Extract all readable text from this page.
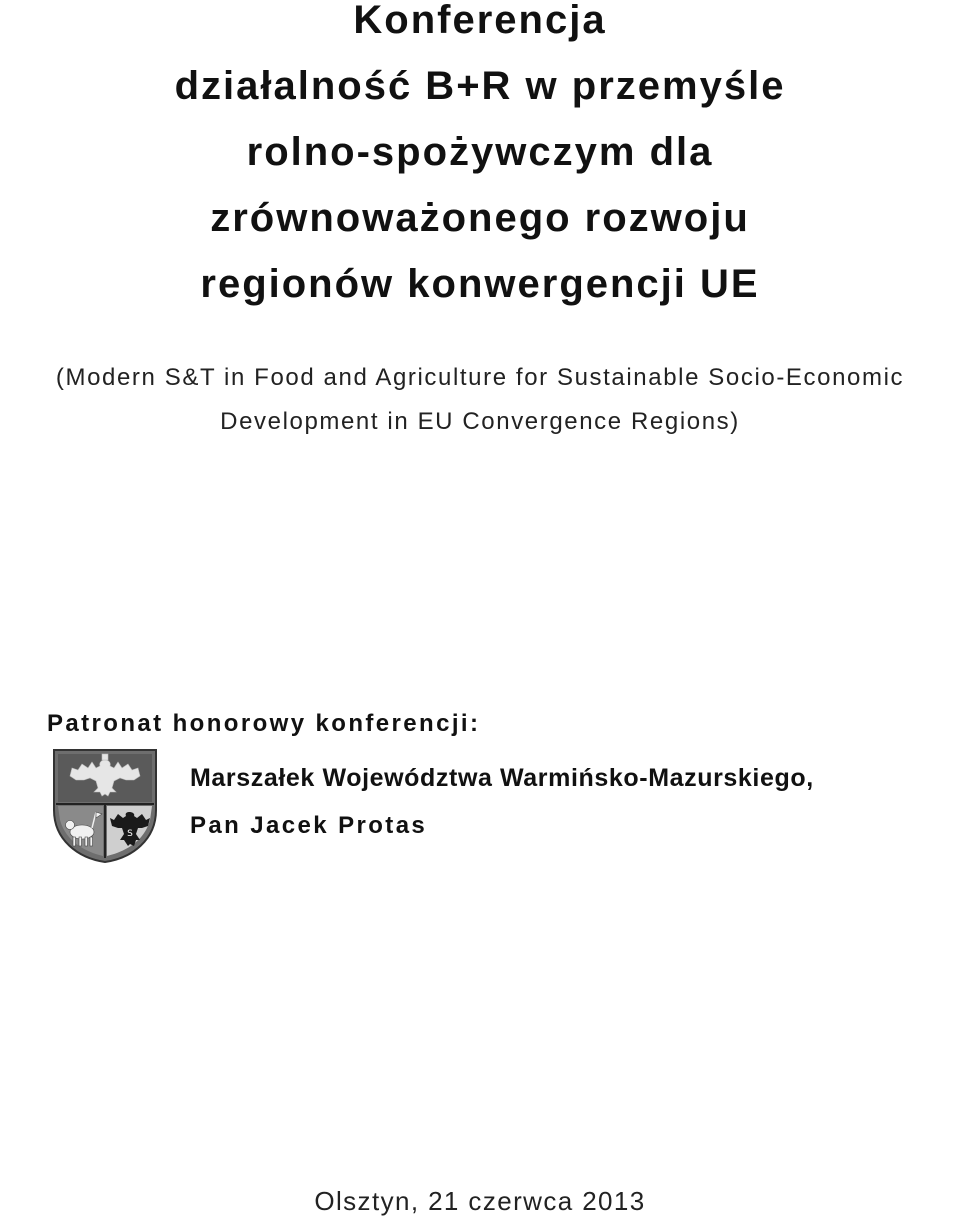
Konferencja
działalność B+R w przemyśle
rolno-spożywczym dla
zrównoważonego rozwoju
regionów konwergencji UE
(Modern S&T in Food and Agriculture for Sustainable Socio-Economic
Development in EU Convergence Regions)
Patronat honorowy konferencji:
S
Marszałek Województwa Warmińsko-Mazurskiego,
Pan Jacek Protas
Olsztyn, 21 czerwca 2013
